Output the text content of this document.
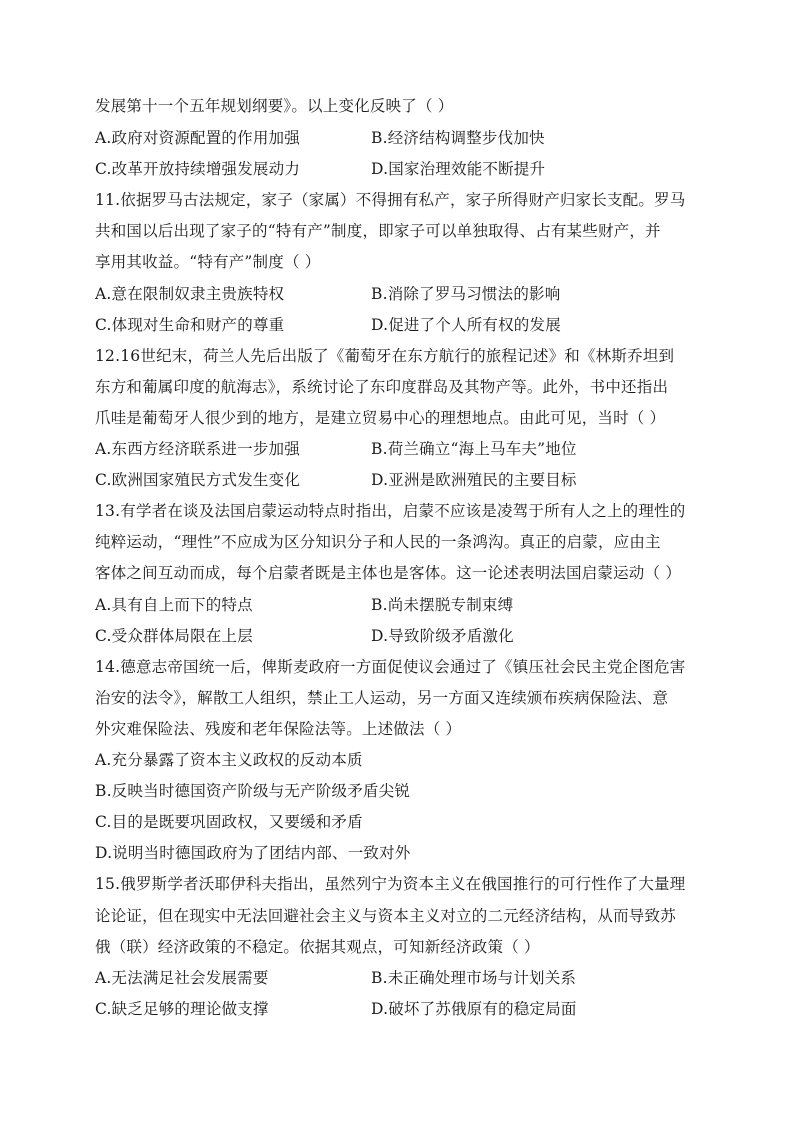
发展第十一个五年规划纲要》。以上变化反映了（ ）
A.政府对资源配置的作用加强	B.经济结构调整步伐加快
C.改革开放持续增强发展动力	D.国家治理效能不断提升
11.依据罗马古法规定，家子（家属）不得拥有私产，家子所得财产归家长支配。罗马
共和国以后出现了家子的“特有产”制度，即家子可以单独取得、占有某些财产，并
享用其收益。“特有产”制度（ ）
A.意在限制奴隶主贵族特权	B.消除了罗马习惯法的影响
C.体现对生命和财产的尊重	D.促进了个人所有权的发展
12.16世纪末，荷兰人先后出版了《葡萄牙在东方航行的旅程记述》和《林斯乔坦到
东方和葡属印度的航海志》，系统讨论了东印度群岛及其物产等。此外，书中还指出
爪哇是葡萄牙人很少到的地方，是建立贸易中心的理想地点。由此可见，当时（ ）
A.东西方经济联系进一步加强	B.荷兰确立“海上马车夫”地位
C.欧洲国家殖民方式发生变化	D.亚洲是欧洲殖民的主要目标
13.有学者在谈及法国启蒙运动特点时指出，启蒙不应该是凌驾于所有人之上的理性的
纯粹运动，“理性”不应成为区分知识分子和人民的一条鸿沟。真正的启蒙，应由主
客体之间互动而成，每个启蒙者既是主体也是客体。这一论述表明法国启蒙运动（ ）
A.具有自上而下的特点	B.尚未摆脱专制束缚
C.受众群体局限在上层	D.导致阶级矛盾激化
14.德意志帝国统一后，俾斯麦政府一方面促使议会通过了《镇压社会民主党企图危害
治安的法令》，解散工人组织，禁止工人运动，另一方面又连续颁布疾病保险法、意
外灾难保险法、残废和老年保险法等。上述做法（ ）
A.充分暴露了资本主义政权的反动本质
B.反映当时德国资产阶级与无产阶级矛盾尖锐
C.目的是既要巩固政权，又要缓和矛盾
D.说明当时德国政府为了团结内部、一致对外
15.俄罗斯学者沃耶伊科夫指出，虽然列宁为资本主义在俄国推行的可行性作了大量理
论论证，但在现实中无法回避社会主义与资本主义对立的二元经济结构，从而导致苏
俄（联）经济政策的不稳定。依据其观点，可知新经济政策（ ）
A.无法满足社会发展需要	B.未正确处理市场与计划关系
C.缺乏足够的理论做支撑	D.破坏了苏俄原有的稳定局面
